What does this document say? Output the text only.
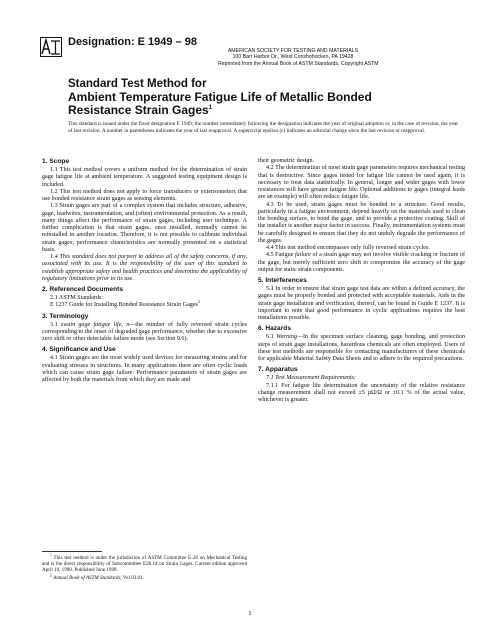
Designation: E 1949 – 98
AMERICAN SOCIETY FOR TESTING AND MATERIALS
100 Barr Harbor Dr., West Conshohocken, PA 19428
Reprinted from the Annual Book of ASTM Standards, Copyright ASTM
Standard Test Method for
Ambient Temperature Fatigue Life of Metallic Bonded Resistance Strain Gages$^1$
This standard is issued under the fixed designation E 1949; the number immediately following the designation indicates the year of original adoption or, in the case of revision, the year of last revision. A number in parentheses indicates the year of last reapproval. A superscript epsilon (ε) indicates an editorial change since the last revision or reapproval.
1. Scope

1.1 This test method covers a uniform method for the determination of strain gage fatigue life at ambient temperature. A suggested testing equipment design is included.

1.2 This test method does not apply to force transducers or extensometers that use bonded resistance strain gages as sensing elements.

1.3 Strain gages are part of a complex system that includes structure, adhesive, gage, leadwires, instrumentation, and (often) environmental protection. As a result, many things affect the performance of strain gages, including user technique. A further complication is that strain gages, once installed, normally cannot be reinstalled in another location. Therefore, it is not possible to calibrate individual strain gages; performance characteristics are normally presented on a statistical basis.

1.4 This standard does not purport to address all of the safety concerns, if any, associated with its use. It is the responsibility of the user of this standard to establish appropriate safety and health practices and determine the applicability of regulatory limitations prior to its use.

2. Referenced Documents

2.1 ASTM Standards:

E 1237 Guide for Installing Bonded Resistance Strain Gages$^2$

3. Terminology

3.1 swain gage fatigue life, n—the number of fully reversed strain cycles corresponding to the onset of degraded gage performance, whether due to excessive zero shift or other detectable failure mode (see Section 9.6).

4. Significance and Use

4.1 Strain gages are the most widely used devices for measuring strains and for evaluating stresses in structures. In many applications there are often cyclic loads which can cause strain gage failure. Performance parameters of strain gages are affected by both the materials from which they are made and

$^1$ This test method is under the jurisdiction of ASTM Committee E-28 on Mechanical Testing and is the direct responsibility of Subcommittee E28.14 on Strain Gages. Current edition approved April 10, 1998. Published June 1998.

$^2$ Annual Book of ASTM Standards, Vol 03.01.

their geometric design.

4.2 The determination of most strain gage parameters requires mechanical testing that is destructive. Since gages tested for fatigue life cannot be used again, it is necessary to treat data statistically. In general, longer and wider gages with lower resistances will have greater fatigue life. Optional additions to gages (integral leads are an example) will often reduce fatigue life.

4.3 To be used, strain gages must be bonded to a structure. Good results, particularly in a fatigue environment, depend heavily on the materials used to clean the bonding surface, to bond the gage, and to provide a protective coating. Skill of the installer is another major factor in success. Finally, instrumentation systems must be carefully designed to ensure that they do not unduly degrade the performance of the gages.

4.4 This test method encompasses only fully reversed strain cycles.

4.5 Fatigue failure of a strain gage may not involve visible cracking or fracture of the gage, but merely sufficient zero shift to compromise the accuracy of the gage output for static strain components.

5. Interferences

5.1 In order to ensure that strain gage test data are within a defined accuracy, the gages must be properly bonded and protected with acceptable materials. Aids in the strain gage installation and verification, thereof, can be found in Guide E 1237. It is important to note that good performance in cyclic applications requires the best installations possible.

6. Hazards

6.1 Warning—In the specimen surface cleaning, gage bonding, and protection steps of strain gage installations, hazardous chemicals are often employed. Users of these test methods are responsible for contacting manufacturers of these chemicals for applicable Material Safety Data Sheets and to adhere to the required precautions.

7. Apparatus

7.1 Test Measurement Requirements:

7.1.1 For fatigue life determination the uncertainty of the relative resistance change measurement shall not exceed ±5 µΩ/Ω or ±0.1 % of the actual value, whichever is greater.

1
